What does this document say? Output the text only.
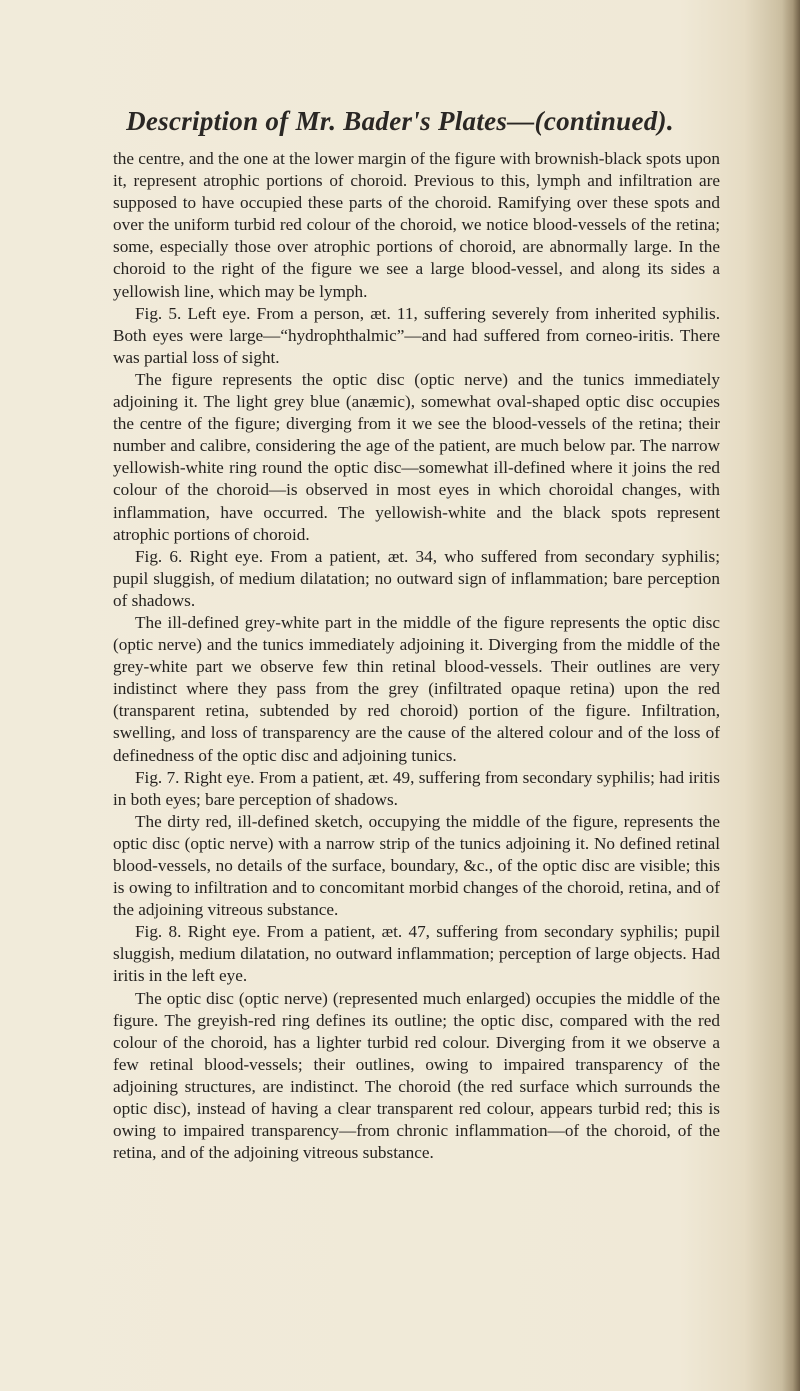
Description of Mr. Bader's Plates—(continued).

the centre, and the one at the lower margin of the figure with brownish-black spots upon it, represent atrophic portions of choroid. Previous to this, lymph and infiltration are supposed to have occupied these parts of the choroid. Ramifying over these spots and over the uniform turbid red colour of the choroid, we notice blood-vessels of the retina; some, especially those over atrophic portions of choroid, are abnormally large. In the choroid to the right of the figure we see a large blood-vessel, and along its sides a yellowish line, which may be lymph.

Fig. 5. Left eye. From a person, æt. 11, suffering severely from inherited syphilis. Both eyes were large—“hydrophthalmic”—and had suffered from corneo-iritis. There was partial loss of sight.

The figure represents the optic disc (optic nerve) and the tunics immediately adjoining it. The light grey blue (anæmic), somewhat oval-shaped optic disc occupies the centre of the figure; diverging from it we see the blood-vessels of the retina; their number and calibre, considering the age of the patient, are much below par. The narrow yellowish-white ring round the optic disc—somewhat ill-defined where it joins the red colour of the choroid—is observed in most eyes in which choroidal changes, with inflammation, have occurred. The yellowish-white and the black spots represent atrophic portions of choroid.

Fig. 6. Right eye. From a patient, æt. 34, who suffered from secondary syphilis; pupil sluggish, of medium dilatation; no outward sign of inflammation; bare perception of shadows.

The ill-defined grey-white part in the middle of the figure represents the optic disc (optic nerve) and the tunics immediately adjoining it. Diverging from the middle of the grey-white part we observe few thin retinal blood-vessels. Their outlines are very indistinct where they pass from the grey (infiltrated opaque retina) upon the red (transparent retina, subtended by red choroid) portion of the figure. Infiltration, swelling, and loss of transparency are the cause of the altered colour and of the loss of definedness of the optic disc and adjoining tunics.

Fig. 7. Right eye. From a patient, æt. 49, suffering from secondary syphilis; had iritis in both eyes; bare perception of shadows.

The dirty red, ill-defined sketch, occupying the middle of the figure, represents the optic disc (optic nerve) with a narrow strip of the tunics adjoining it. No defined retinal blood-vessels, no details of the surface, boundary, &c., of the optic disc are visible; this is owing to infiltration and to concomitant morbid changes of the choroid, retina, and of the adjoining vitreous substance.

Fig. 8. Right eye. From a patient, æt. 47, suffering from secondary syphilis; pupil sluggish, medium dilatation, no outward inflammation; perception of large objects. Had iritis in the left eye.

The optic disc (optic nerve) (represented much enlarged) occupies the middle of the figure. The greyish-red ring defines its outline; the optic disc, compared with the red colour of the choroid, has a lighter turbid red colour. Diverging from it we observe a few retinal blood-vessels; their outlines, owing to impaired transparency of the adjoining structures, are indistinct. The choroid (the red surface which surrounds the optic disc), instead of having a clear transparent red colour, appears turbid red; this is owing to impaired transparency—from chronic inflammation—of the choroid, of the retina, and of the adjoining vitreous substance.
